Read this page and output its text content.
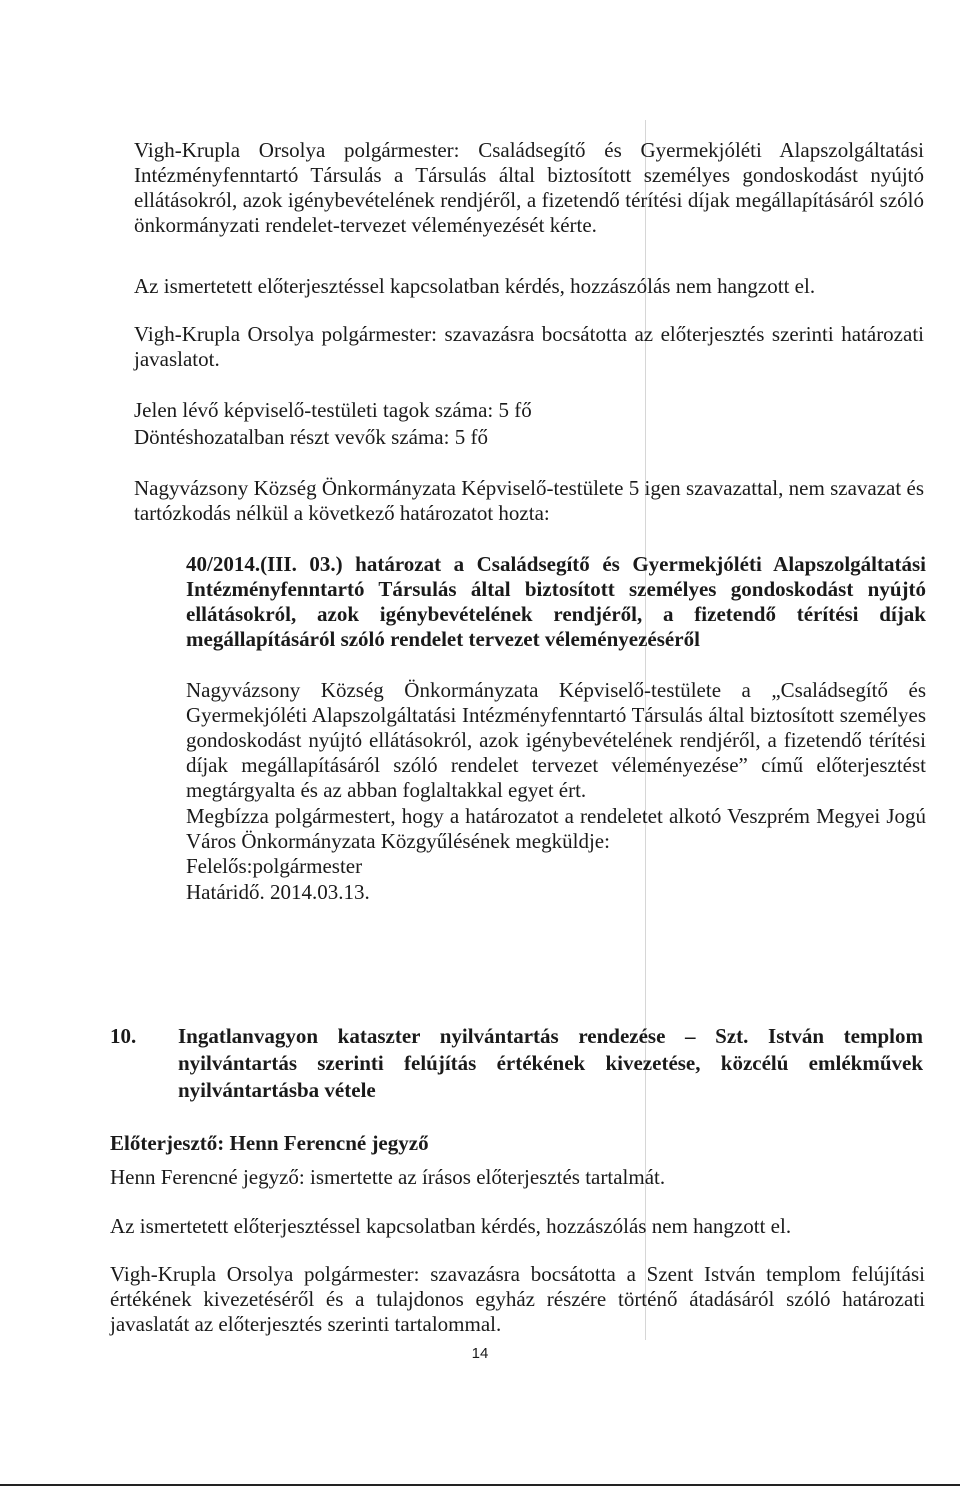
Vigh-Krupla Orsolya polgármester: Családsegítő és Gyermekjóléti Alapszolgáltatási Intézményfenntartó Társulás a Társulás által biztosított személyes gondoskodást nyújtó ellátásokról, azok igénybevételének rendjéről, a fizetendő térítési díjak megállapításáról szóló önkormányzati rendelet-tervezet véleményezését kérte.
Az ismertetett előterjesztéssel kapcsolatban kérdés, hozzászólás nem hangzott el.
Vigh-Krupla Orsolya polgármester: szavazásra bocsátotta az előterjesztés szerinti határozati javaslatot.
Jelen lévő képviselő-testületi tagok száma: 5 fő
Döntéshozatalban részt vevők száma: 5 fő
Nagyvázsony Község Önkormányzata Képviselő-testülete 5 igen szavazattal, nem szavazat és tartózkodás nélkül a következő határozatot hozta:
40/2014.(III. 03.) határozat a Családsegítő és Gyermekjóléti Alapszolgáltatási Intézményfenntartó Társulás által biztosított személyes gondoskodást nyújtó ellátásokról, azok igénybevételének rendjéről, a fizetendő térítési díjak megállapításáról szóló rendelet tervezet véleményezéséről
Nagyvázsony Község Önkormányzata Képviselő-testülete a „Családsegítő és Gyermekjóléti Alapszolgáltatási Intézményfenntartó Társulás által biztosított személyes gondoskodást nyújtó ellátásokról, azok igénybevételének rendjéről, a fizetendő térítési díjak megállapításáról szóló rendelet tervezet véleményezése” című előterjesztést megtárgyalta és az abban foglaltakkal egyet ért.
Megbízza polgármestert, hogy a határozatot a rendeletet alkotó Veszprém Megyei Jogú Város Önkormányzata Közgyűlésének megküldje:
Felelős:polgármester
Határidő. 2014.03.13.
10.	Ingatlanvagyon kataszter nyilvántartás rendezése – Szt. István templom nyilvántartás szerinti felújítás értékének kivezetése, közcélú emlékművek nyilvántartásba vétele
Előterjesztő: Henn Ferencné jegyző
Henn Ferencné jegyző: ismertette az írásos előterjesztés tartalmát.
Az ismertetett előterjesztéssel kapcsolatban kérdés, hozzászólás nem hangzott el.
Vigh-Krupla Orsolya polgármester: szavazásra bocsátotta a Szent István templom felújítási értékének kivezetéséről és a tulajdonos egyház részére történő átadásáról szóló határozati javaslatát az előterjesztés szerinti tartalommal.
14
